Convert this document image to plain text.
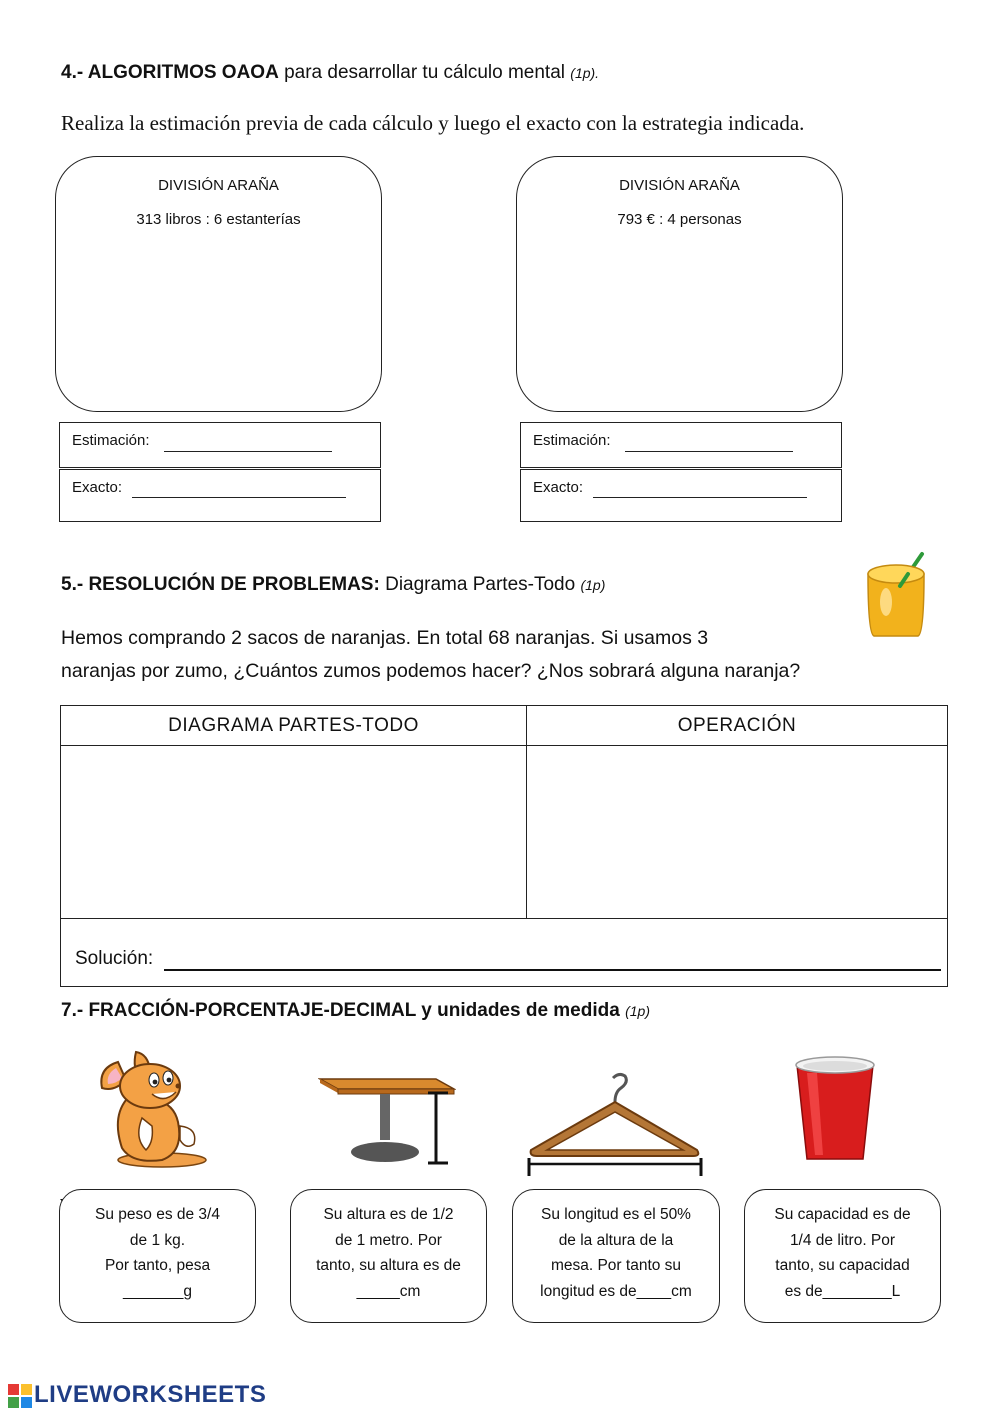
4.- ALGORITMOS OAOA para desarrollar tu cálculo mental (1p).
Realiza la estimación previa de cada cálculo y luego el exacto con la estrategia indicada.
DIVISIÓN ARAÑA
313 libros : 6 estanterías
DIVISIÓN ARAÑA
793 € : 4 personas
Estimación:
Exacto:
Estimación:
Exacto:
5.- RESOLUCIÓN DE PROBLEMAS: Diagrama Partes-Todo (1p)
Hemos comprando 2 sacos de naranjas. En total 68 naranjas. Si usamos 3
naranjas por zumo, ¿Cuántos zumos podemos hacer? ¿Nos sobrará alguna naranja?
DIAGRAMA PARTES-TODO	OPERACIÓN
Solución:
7.- FRACCIÓN-PORCENTAJE-DECIMAL y unidades de medida (1p)
Su peso es de 3/4
de 1 kg.
Por tanto, pesa
_______g
Su altura es de 1/2
de 1 metro. Por
tanto, su altura es de
_____cm
Su longitud es el 50%
de la altura de la
mesa. Por tanto su
longitud es de____cm
Su capacidad es de
1/4 de litro. Por
tanto, su capacidad
es de________L
LIVEWORKSHEETS
